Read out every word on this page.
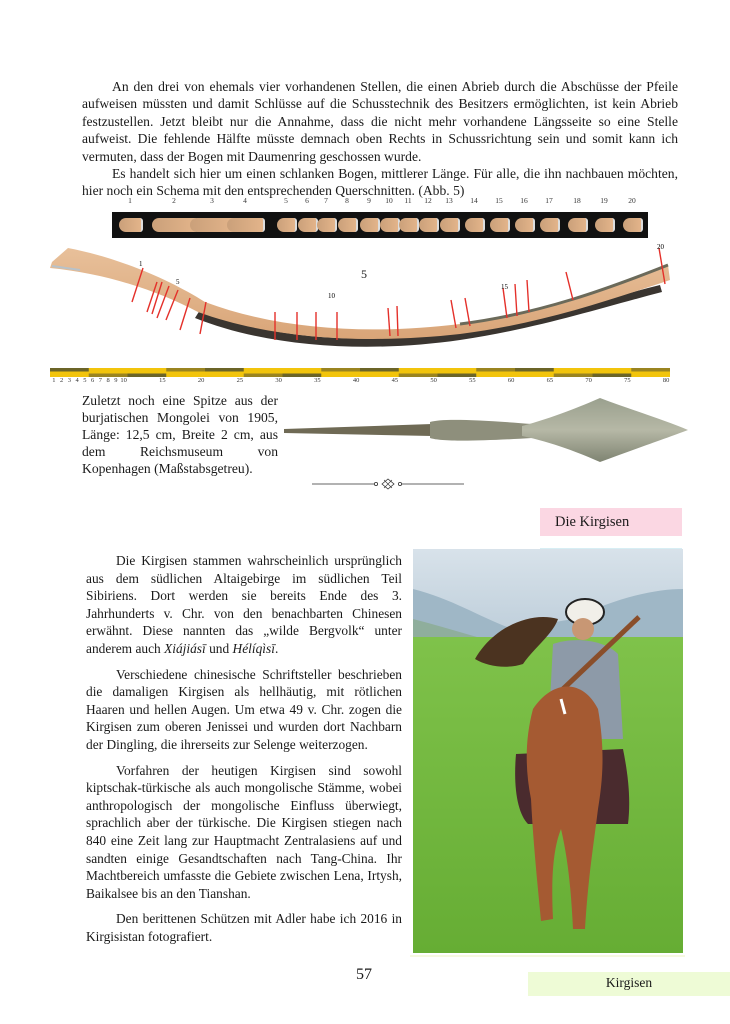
An den drei von ehemals vier vorhandenen Stellen, die einen Abrieb durch die Abschüsse der Pfeile aufweisen müssten und damit Schlüsse auf die Schusstechnik des Besitzers ermöglichten, ist kein Abrieb festzustellen. Jetzt bleibt nur die Annahme, dass die nicht mehr vorhandene Längsseite so eine Stelle aufweist. Die fehlende Hälfte müsste demnach oben Rechts in Schussrichtung sein und somit kann ich vermuten, dass der Bogen mit Daumenring geschossen wurde.

Es handelt sich hier um einen schlanken Bogen, mittlerer Länge. Für alle, die ihn nachbauen möchten, hier noch ein Schema mit den entsprechenden Querschnitten. (Abb. 5)

1	2	3	4	5 6 7 8 9 10 11 12 13 14 15 16 17	18	19	20
1
5
10
15
20
5
1 2 3 4 5 6 7 8 9 10	15	20	25	30	35	40	45	50	55	60	65	70	75	80

Zuletzt noch eine Spitze aus der burjatischen Mongolei von 1905, Länge: 12,5 cm, Breite 2 cm, aus dem Reichsmuseum von Kopenhagen (Maßstabsgetreu).

Die Kirgisen

Die Kirgisen stammen wahrscheinlich ursprünglich aus dem südlichen Altaigebirge im südlichen Teil Sibiriens. Dort werden sie bereits Ende des 3. Jahrhunderts v. Chr. von den benachbarten Chinesen erwähnt. Diese nannten das „wilde Bergvolk“ unter anderem auch Xiájiásī und Hélíqìsī.

Verschiedene chinesische Schriftsteller beschrieben die damaligen Kirgisen als hellhäutig, mit rötlichen Haaren und hellen Augen. Um etwa 49 v. Chr. zogen die Kirgisen zum oberen Jenissei und wurden dort Nachbarn der Dingling, die ihrerseits zur Selenge weiterzogen.

Vorfahren der heutigen Kirgisen sind sowohl kiptschak-türkische als auch mongolische Stämme, wobei anthropologisch der mongolische Einfluss überwiegt, sprachlich aber der türkische. Die Kirgisen stiegen nach 840 eine Zeit lang zur Hauptmacht Zentralasiens auf und sandten einige Gesandtschaften nach Tang-China. Ihr Machtbereich umfasste die Gebiete zwischen Lena, Irtysh, Baikalsee bis an den Tianshan.

Den berittenen Schützen mit Adler habe ich 2016 in Kirgisistan fotografiert.

57	Kirgisen
